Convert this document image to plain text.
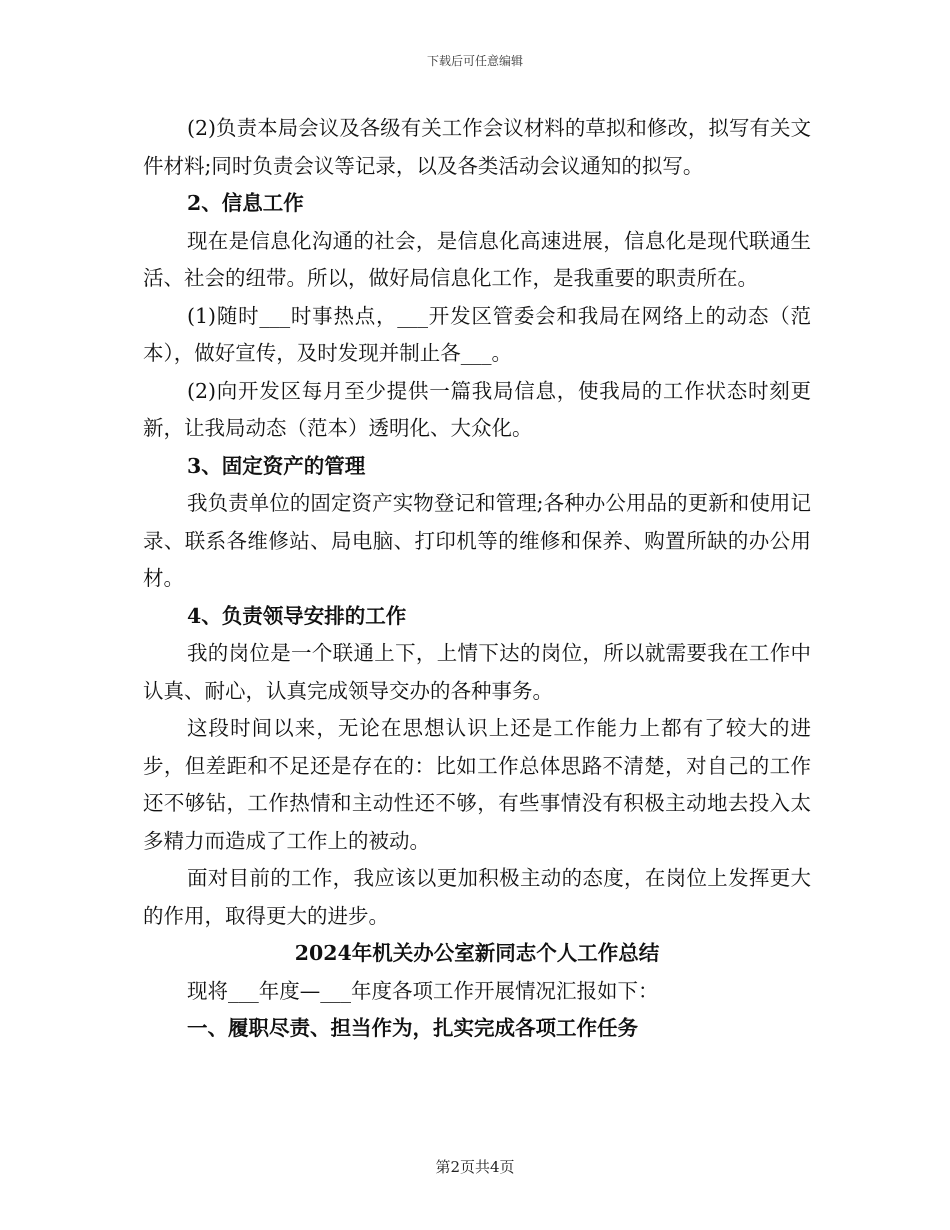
下载后可任意编辑

(2)负责本局会议及各级有关工作会议材料的草拟和修改，拟写有关文件材料;同时负责会议等记录，以及各类活动会议通知的拟写。

2、信息工作

现在是信息化沟通的社会，是信息化高速进展，信息化是现代联通生活、社会的纽带。所以，做好局信息化工作，是我重要的职责所在。

(1)随时___时事热点，___开发区管委会和我局在网络上的动态（范本），做好宣传，及时发现并制止各___。

(2)向开发区每月至少提供一篇我局信息，使我局的工作状态时刻更新，让我局动态（范本）透明化、大众化。

3、固定资产的管理

我负责单位的固定资产实物登记和管理;各种办公用品的更新和使用记录、联系各维修站、局电脑、打印机等的维修和保养、购置所缺的办公用材。

4、负责领导安排的工作

我的岗位是一个联通上下，上情下达的岗位，所以就需要我在工作中认真、耐心，认真完成领导交办的各种事务。

这段时间以来，无论在思想认识上还是工作能力上都有了较大的进步，但差距和不足还是存在的：比如工作总体思路不清楚，对自己的工作还不够钻，工作热情和主动性还不够，有些事情没有积极主动地去投入太多精力而造成了工作上的被动。

面对目前的工作，我应该以更加积极主动的态度，在岗位上发挥更大的作用，取得更大的进步。

2024年机关办公室新同志个人工作总结

现将___年度—___年度各项工作开展情况汇报如下：

一、履职尽责、担当作为，扎实完成各项工作任务

第2页共4页
